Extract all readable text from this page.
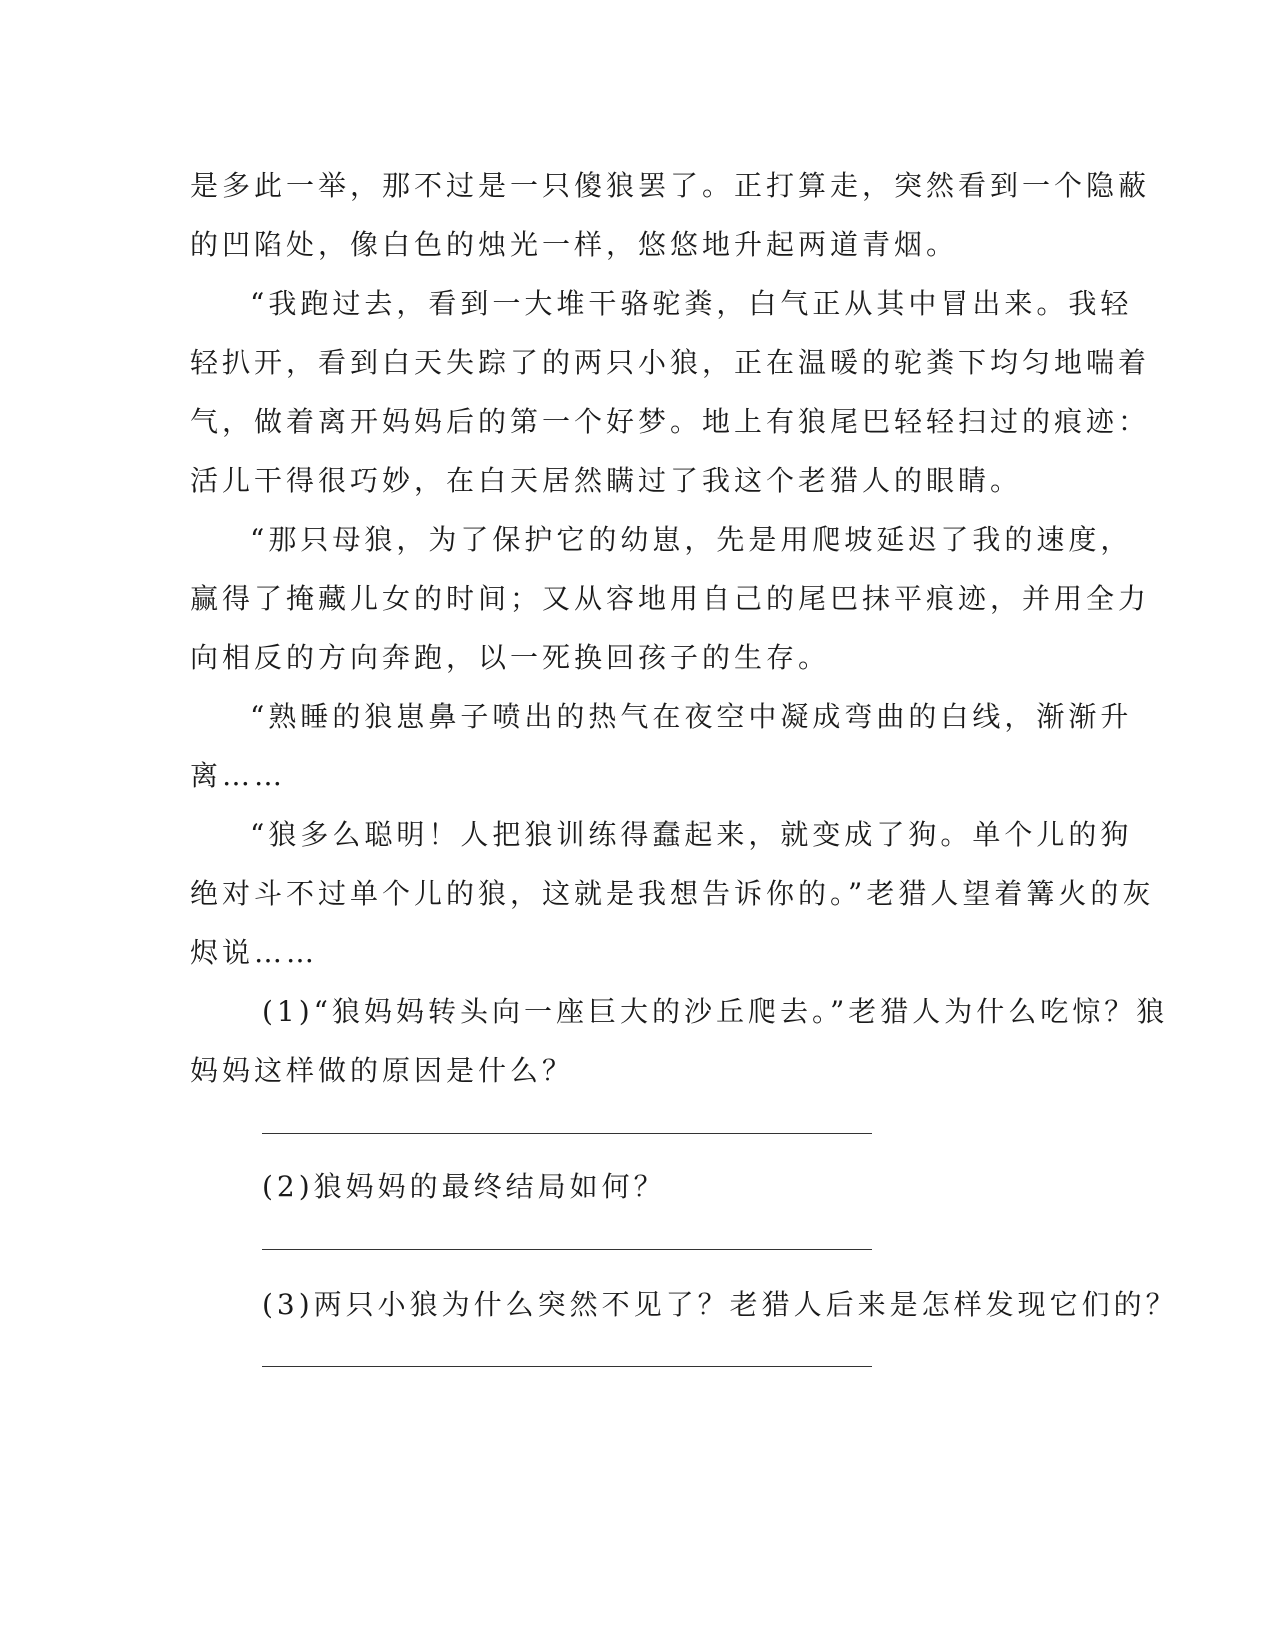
是多此一举，那不过是一只傻狼罢了。正打算走，突然看到一个隐蔽
的凹陷处，像白色的烛光一样，悠悠地升起两道青烟。
“我跑过去，看到一大堆干骆驼粪，白气正从其中冒出来。我轻
轻扒开，看到白天失踪了的两只小狼，正在温暖的驼粪下均匀地喘着
气，做着离开妈妈后的第一个好梦。地上有狼尾巴轻轻扫过的痕迹：
活儿干得很巧妙，在白天居然瞒过了我这个老猎人的眼睛。
“那只母狼，为了保护它的幼崽，先是用爬坡延迟了我的速度，
赢得了掩藏儿女的时间；又从容地用自己的尾巴抹平痕迹，并用全力
向相反的方向奔跑，以一死换回孩子的生存。
“熟睡的狼崽鼻子喷出的热气在夜空中凝成弯曲的白线，渐渐升
离……
“狼多么聪明！人把狼训练得蠢起来，就变成了狗。单个儿的狗
绝对斗不过单个儿的狼，这就是我想告诉你的。”老猎人望着篝火的灰
烬说……
(1)“狼妈妈转头向一座巨大的沙丘爬去。”老猎人为什么吃惊？狼
妈妈这样做的原因是什么？
(2)狼妈妈的最终结局如何？
(3)两只小狼为什么突然不见了？老猎人后来是怎样发现它们的？
